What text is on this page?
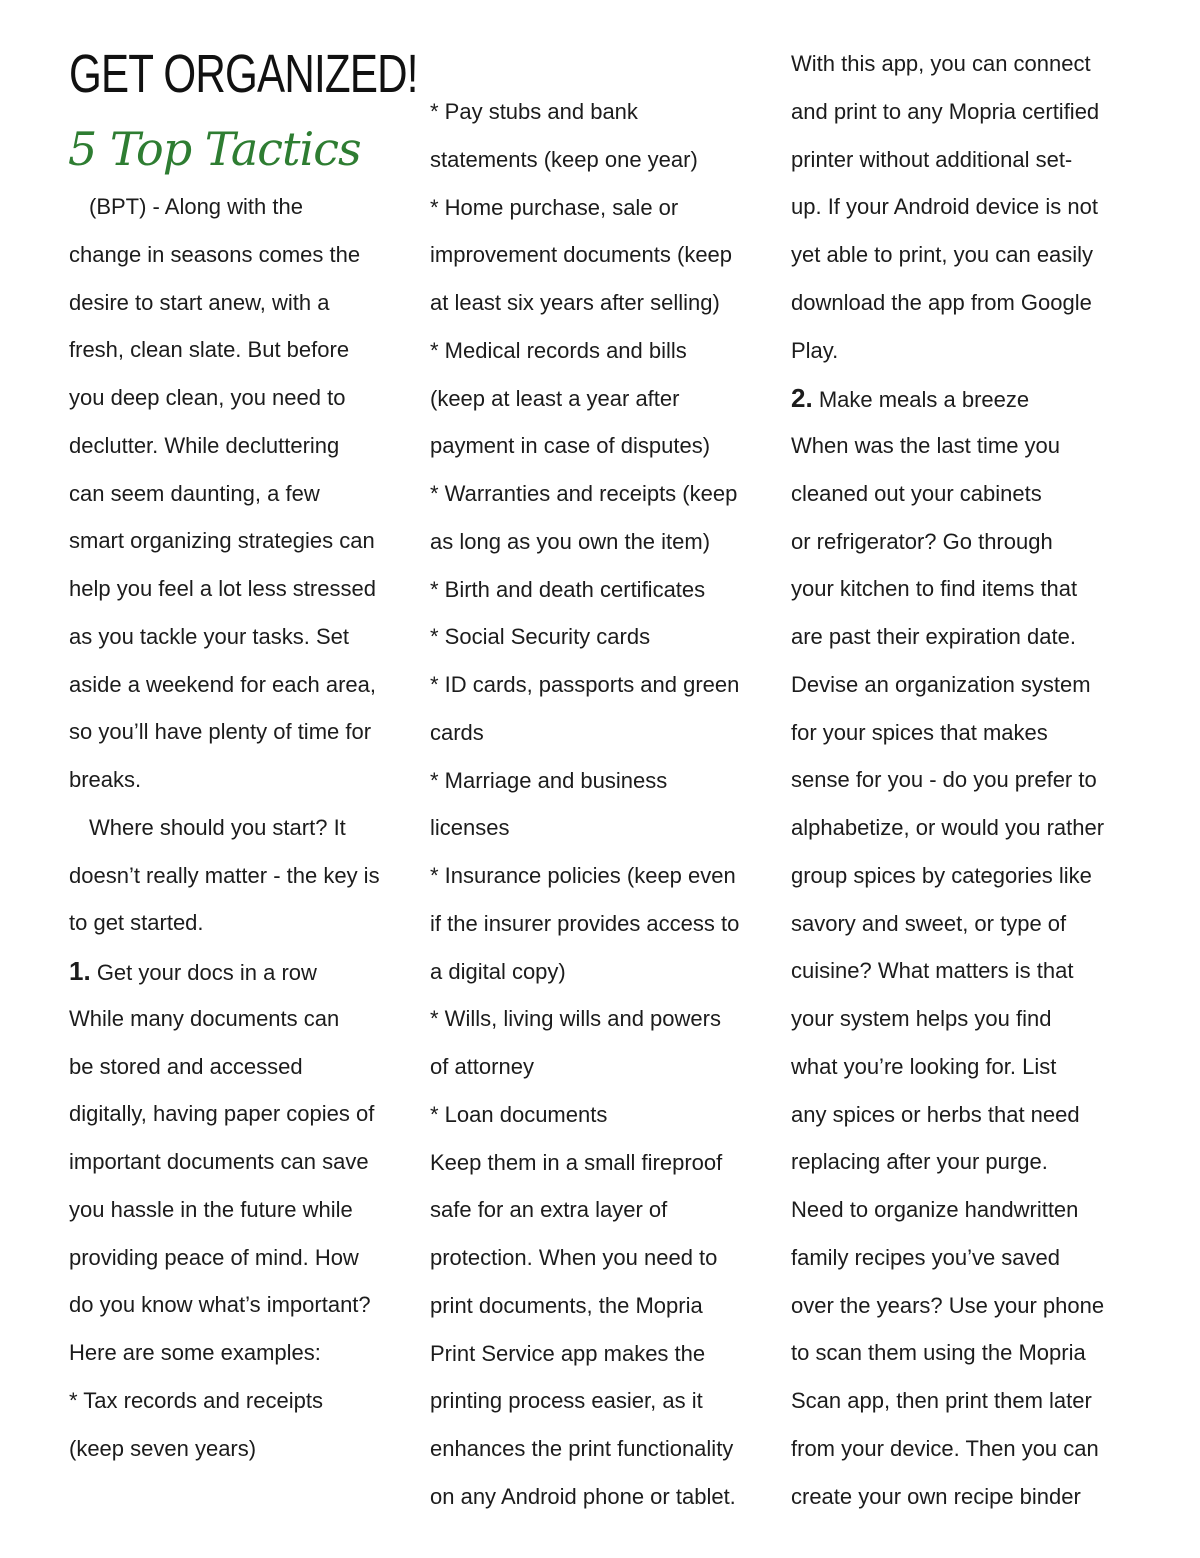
GET ORGANIZED!
5 Top Tactics
(BPT) - Along with the
change in seasons comes the
desire to start anew, with a
fresh, clean slate. But before
you deep clean, you need to
declutter. While decluttering
can seem daunting, a few
smart organizing strategies can
help you feel a lot less stressed
as you tackle your tasks. Set
aside a weekend for each area,
so you’ll have plenty of time for
breaks.
Where should you start? It
doesn’t really matter - the key is
to get started.
1. Get your docs in a row
While many documents can
be stored and accessed
digitally, having paper copies of
important documents can save
you hassle in the future while
providing peace of mind. How
do you know what’s important?
Here are some examples:
* Tax records and receipts
(keep seven years)
* Pay stubs and bank
statements (keep one year)
* Home purchase, sale or
improvement documents (keep
at least six years after selling)
* Medical records and bills
(keep at least a year after
payment in case of disputes)
* Warranties and receipts (keep
as long as you own the item)
* Birth and death certificates
* Social Security cards
* ID cards, passports and green
cards
* Marriage and business
licenses
* Insurance policies (keep even
if the insurer provides access to
a digital copy)
* Wills, living wills and powers
of attorney
* Loan documents
Keep them in a small fireproof
safe for an extra layer of
protection. When you need to
print documents, the Mopria
Print Service app makes the
printing process easier, as it
enhances the print functionality
on any Android phone or tablet.
With this app, you can connect
and print to any Mopria certified
printer without additional set-
up. If your Android device is not
yet able to print, you can easily
download the app from Google
Play.
2. Make meals a breeze
When was the last time you
cleaned out your cabinets
or refrigerator? Go through
your kitchen to find items that
are past their expiration date.
Devise an organization system
for your spices that makes
sense for you - do you prefer to
alphabetize, or would you rather
group spices by categories like
savory and sweet, or type of
cuisine? What matters is that
your system helps you find
what you’re looking for. List
any spices or herbs that need
replacing after your purge.
Need to organize handwritten
family recipes you’ve saved
over the years? Use your phone
to scan them using the Mopria
Scan app, then print them later
from your device. Then you can
create your own recipe binder
